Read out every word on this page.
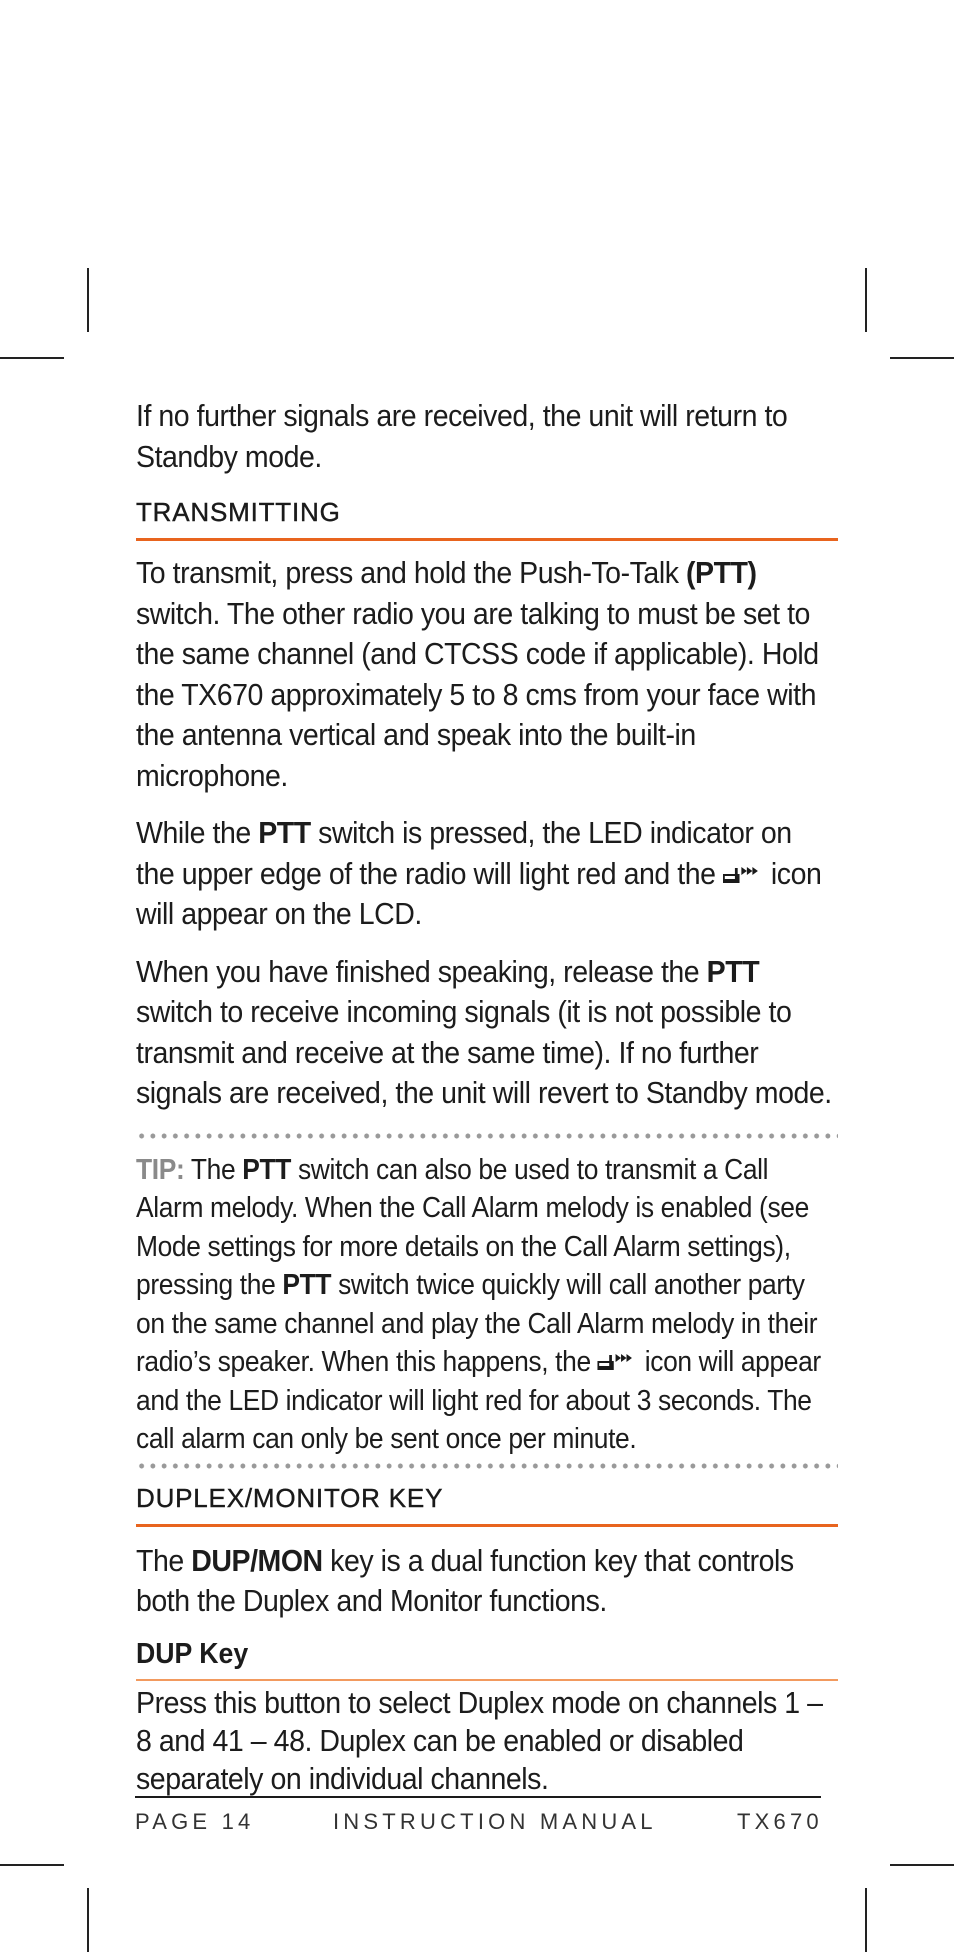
If no further signals are received, the unit will return to Standby mode.

TRANSMITTING

To transmit, press and hold the Push-To-Talk (PTT) switch. The other radio you are talking to must be set to the same channel (and CTCSS code if applicable). Hold the TX670 approximately 5 to 8 cms from your face with the antenna vertical and speak into the built-in microphone.

While the PTT switch is pressed, the LED indicator on the upper edge of the radio will light red and the
icon will appear on the LCD.

When you have finished speaking, release the PTT switch to receive incoming signals (it is not possible to transmit and receive at the same time). If no further signals are received, the unit will revert to Standby mode.

TIP: The PTT switch can also be used to transmit a Call Alarm melody. When the Call Alarm melody is enabled (see Mode settings for more details on the Call Alarm settings), pressing the PTT switch twice quickly will call another party on the same channel and play the Call Alarm melody in their radio’s speaker. When this happens, the
icon will appear and the LED indicator will light red for about 3 seconds. The call alarm can only be sent once per minute.

DUPLEX/MONITOR KEY

The DUP/MON key is a dual function key that controls both the Duplex and Monitor functions.

DUP Key

Press this button to select Duplex mode on channels 1 – 8 and 41 – 48. Duplex can be enabled or disabled separately on individual channels.

PAGE 14	INSTRUCTION MANUAL	TX670
